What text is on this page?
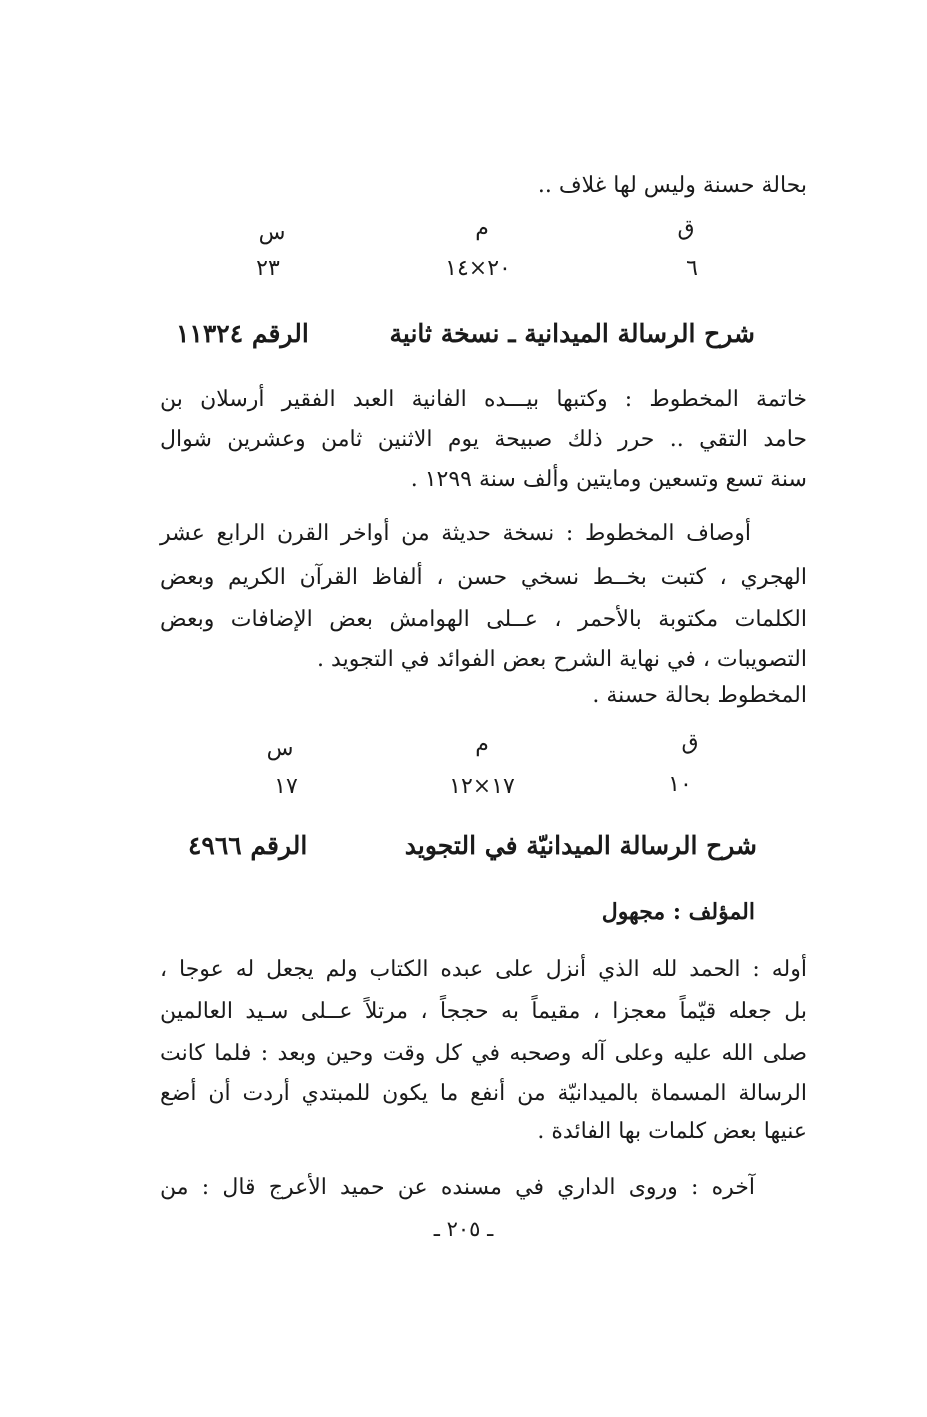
بحالة حسنة وليس لها غلاف ..
ق
م
س
٦
٢٠×١٤
٢٣
شرح الرسالة الميدانية ـ نسخة ثانية
الرقم ١١٣٢٤
خاتمة المخطوط : وكتبها بيـــده الفانية العبد الفقير أرسلان بن
حامد التقي .. حرر ذلك صبيحة يوم الاثنين ثامن وعشرين شوال
سنة تسع وتسعين ومايتين وألف سنة ١٢٩٩ .
أوصاف المخطوط : نسخة حديثة من أواخر القرن الرابع عشر
الهجري ، كتبت بخــط نسخي حسن ، ألفاظ القرآن الكريم وبعض
الكلمات مكتوبة بالأحمر ، عــلى الهوامش بعض الإضافات وبعض
التصويبات ، في نهاية الشرح بعض الفوائد في التجويد .
المخطوط بحالة حسنة .
ق
م
س
١٠
١٧×١٢
١٧
شرح الرسالة الميدانيّة في التجويد
الرقم ٤٩٦٦
المؤلف : مجهول
أوله : الحمد لله الذي أنزل على عبده الكتاب ولم يجعل له عوجا ،
بل جعله قيّماً معجزا ، مقيماً به حججاً ، مرتلاً عــلى سـيد العالمين
صلى الله عليه وعلى آله وصحبه في كل وقت وحين وبعد : فلما كانت
الرسالة المسماة بالميدانيّة من أنفع ما يكون للمبتدي أردت أن أضع
عنيها بعض كلمات بها الفائدة .
آخره : وروى الداري في مسنده عن حميد الأعرج قال : من
ـ ٢٠٥ ـ
